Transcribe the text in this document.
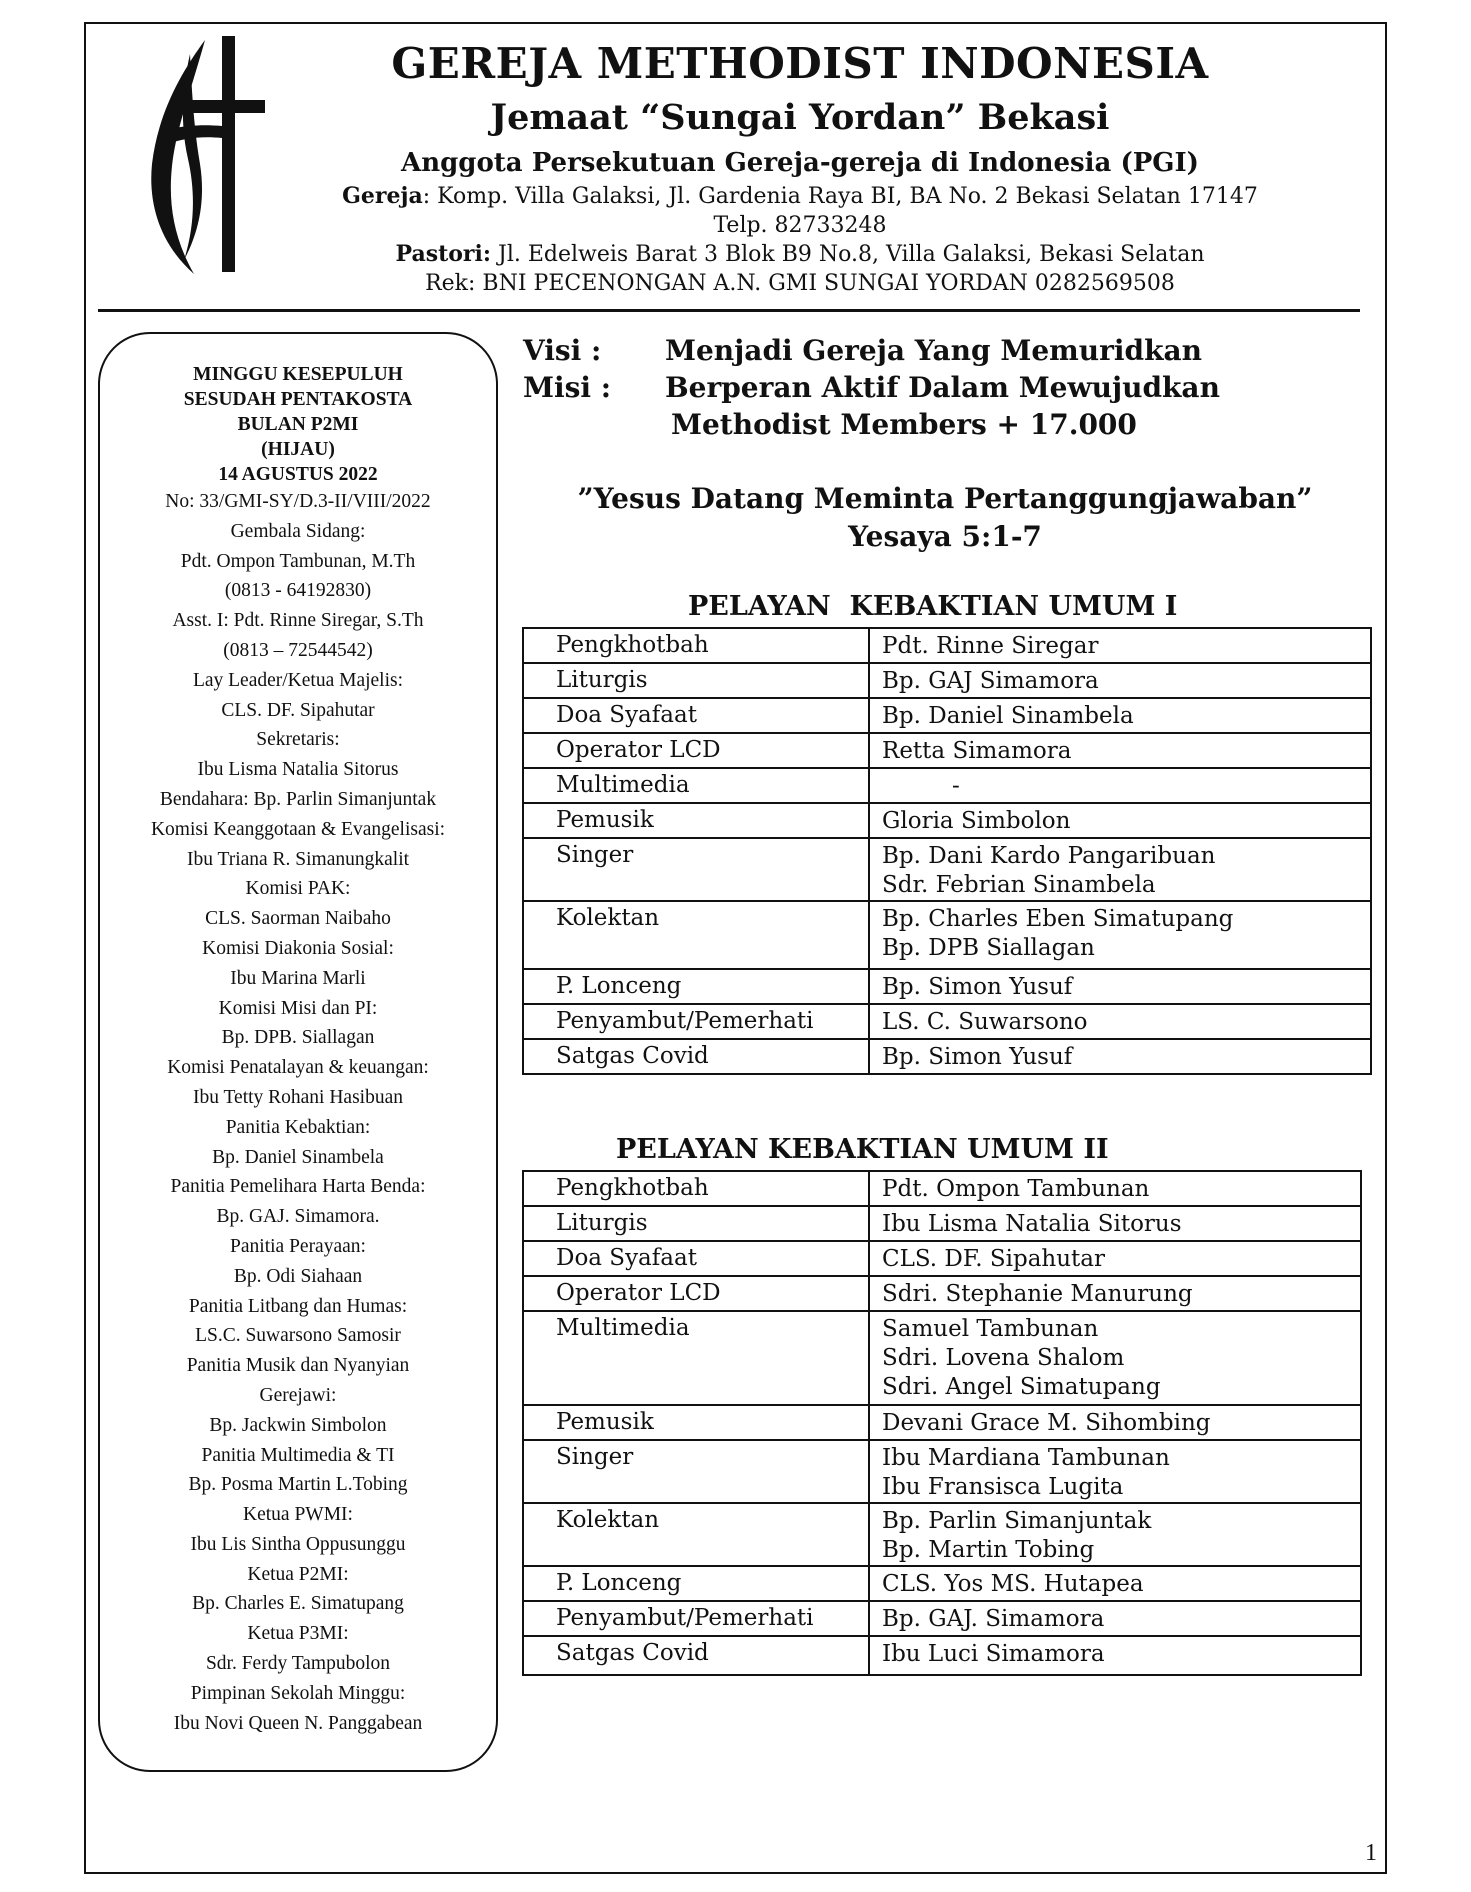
GEREJA METHODIST INDONESIA
Jemaat “Sungai Yordan” Bekasi
Anggota Persekutuan Gereja-gereja di Indonesia (PGI)
Gereja: Komp. Villa Galaksi, Jl. Gardenia Raya BI, BA No. 2 Bekasi Selatan 17147
Telp. 82733248
Pastori: Jl. Edelweis Barat 3 Blok B9 No.8, Villa Galaksi, Bekasi Selatan
Rek: BNI PECENONGAN A.N. GMI SUNGAI YORDAN 0282569508
MINGGU KESEPULUH
SESUDAH PENTAKOSTA
BULAN P2MI
(HIJAU)
14 AGUSTUS 2022
No: 33/GMI-SY/D.3-II/VIII/2022
Gembala Sidang:
Pdt. Ompon Tambunan, M.Th
(0813 - 64192830)
Asst. I: Pdt. Rinne Siregar, S.Th
(0813 – 72544542)
Lay Leader/Ketua Majelis:
CLS. DF. Sipahutar
Sekretaris:
Ibu Lisma Natalia Sitorus
Bendahara: Bp. Parlin Simanjuntak
Komisi Keanggotaan & Evangelisasi:
Ibu Triana R. Simanungkalit
Komisi PAK:
CLS. Saorman Naibaho
Komisi Diakonia Sosial:
Ibu Marina Marli
Komisi Misi dan PI:
Bp. DPB. Siallagan
Komisi Penatalayan & keuangan:
Ibu Tetty Rohani Hasibuan
Panitia Kebaktian:
Bp. Daniel Sinambela
Panitia Pemelihara Harta Benda:
Bp. GAJ. Simamora.
Panitia Perayaan:
Bp. Odi Siahaan
Panitia Litbang dan Humas:
LS.C. Suwarsono Samosir
Panitia Musik dan Nyanyian
Gerejawi:
Bp. Jackwin Simbolon
Panitia Multimedia & TI
Bp. Posma Martin L.Tobing
Ketua PWMI:
Ibu Lis Sintha Oppusunggu
Ketua P2MI:
Bp. Charles E. Simatupang
Ketua P3MI:
Sdr. Ferdy Tampubolon
Pimpinan Sekolah Minggu:
Ibu Novi Queen N. Panggabean
Visi :	Menjadi Gereja Yang Memuridkan
Misi :	Berperan Aktif Dalam Mewujudkan
Methodist Members + 17.000
”Yesus Datang Meminta Pertanggungjawaban”
Yesaya 5:1-7
PELAYAN  KEBAKTIAN UMUM I
Pengkhotbah	Pdt. Rinne Siregar

Liturgis	Bp. GAJ Simamora

Doa Syafaat	Bp. Daniel Sinambela

Operator LCD	Retta Simamora

Multimedia	-

Pemusik	Gloria Simbolon

Singer	Bp. Dani Kardo Pangaribuan
Sdr. Febrian Sinambela

Kolektan	Bp. Charles Eben Simatupang
Bp. DPB Siallagan

P. Lonceng	Bp. Simon Yusuf

Penyambut/Pemerhati	LS. C. Suwarsono

Satgas Covid	Bp. Simon Yusuf
PELAYAN KEBAKTIAN UMUM II
Pengkhotbah	Pdt. Ompon Tambunan

Liturgis	Ibu Lisma Natalia Sitorus

Doa Syafaat	CLS. DF. Sipahutar

Operator LCD	Sdri. Stephanie Manurung

Multimedia	Samuel Tambunan
Sdri. Lovena Shalom
Sdri. Angel Simatupang

Pemusik	Devani Grace M. Sihombing

Singer	Ibu Mardiana Tambunan
Ibu Fransisca Lugita

Kolektan	Bp. Parlin Simanjuntak
Bp. Martin Tobing

P. Lonceng	CLS. Yos MS. Hutapea

Penyambut/Pemerhati	Bp. GAJ. Simamora

Satgas Covid	Ibu Luci Simamora
1
